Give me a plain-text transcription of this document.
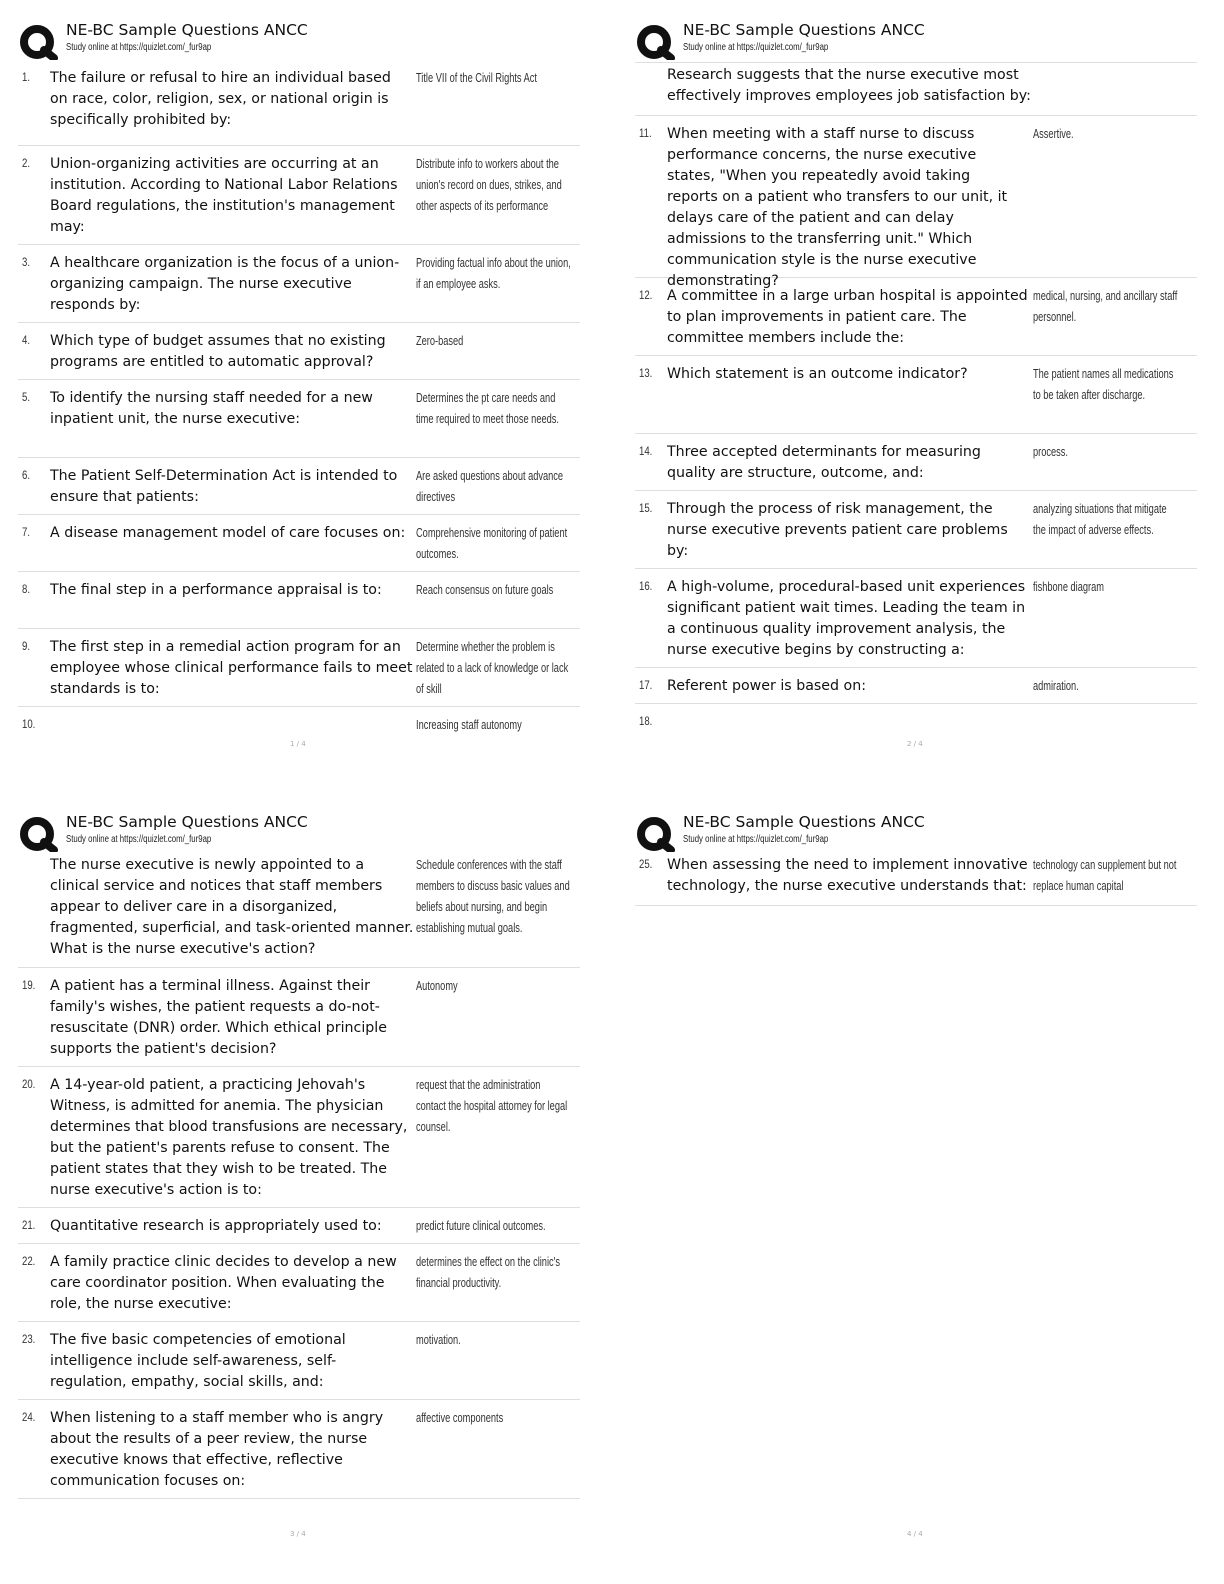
NE-BC Sample Questions ANCC
Study online at https://quizlet.com/_fur9ap
1. The failure or refusal to hire an individual based on race, color, religion, sex, or national origin is specifically prohibited by:
Title VII of the Civil Rights Act
2. Union-organizing activities are occurring at an institution. According to National Labor Relations Board regulations, the institution's management may:
Distribute info to workers about the union's record on dues, strikes, and other aspects of its performance
3. A healthcare organization is the focus of a union-organizing campaign. The nurse executive responds by:
Providing factual info about the union, if an employee asks.
4. Which type of budget assumes that no existing programs are entitled to automatic approval?
Zero-based
5. To identify the nursing staff needed for a new inpatient unit, the nurse executive:
Determines the pt care needs and time required to meet those needs.
6. The Patient Self-Determination Act is intended to ensure that patients:
Are asked questions about advance directives
7. A disease management model of care focuses on: Comprehensive monitoring of patient outcomes.
8. The final step in a performance appraisal is to:	Reach consensus on future goals
9. The first step in a remedial action program for an employee whose clinical performance fails to meet standards is to:
Determine whether the problem is related to a lack of knowledge or lack of skill
10.	Increasing staff autonomy
1 / 4
NE-BC Sample Questions ANCC
Study online at https://quizlet.com/_fur9ap
Research suggests that the nurse executive most effectively improves employees job satisfaction by:
11. When meeting with a staff nurse to discuss performance concerns, the nurse executive states, "When you repeatedly avoid taking reports on a patient who transfers to our unit, it delays care of the patient and can delay admissions to the transferring unit." Which communication style is the nurse executive demonstrating?
Assertive.
12. A committee in a large urban hospital is appointed to plan improvements in patient care. The committee members include the:
medical, nursing, and ancillary staff personnel.
13. Which statement is an outcome indicator?	The patient names all medications to be taken after discharge.
14. Three accepted determinants for measuring quality are structure, outcome, and:
process.
15. Through the process of risk management, the nurse executive prevents patient care problems by:
analyzing situations that mitigate the impact of adverse effects.
16. A high-volume, procedural-based unit experiences significant patient wait times. Leading the team in a continuous quality improvement analysis, the nurse executive begins by constructing a:
fishbone diagram
17. Referent power is based on:	admiration.
18.
2 / 4
NE-BC Sample Questions ANCC
Study online at https://quizlet.com/_fur9ap
The nurse executive is newly appointed to a clinical service and notices that staff members appear to deliver care in a disorganized, fragmented, superficial, and task-oriented manner. What is the nurse executive's action?
Schedule conferences with the staff members to discuss basic values and beliefs about nursing, and begin establishing mutual goals.
19. A patient has a terminal illness. Against their family's wishes, the patient requests a do-not-resuscitate (DNR) order. Which ethical principle supports the patient's decision?
Autonomy
20. A 14-year-old patient, a practicing Jehovah's Witness, is admitted for anemia. The physician determines that blood transfusions are necessary, but the patient's parents refuse to consent. The patient states that they wish to be treated. The nurse executive's action is to:
request that the administration contact the hospital attorney for legal counsel.
21. Quantitative research is appropriately used to:	predict future clinical outcomes.
22. A family practice clinic decides to develop a new care coordinator position. When evaluating the role, the nurse executive:
determines the effect on the clinic's financial productivity.
23. The five basic competencies of emotional intelligence include self-awareness, self-regulation, empathy, social skills, and:
motivation.
24. When listening to a staff member who is angry about the results of a peer review, the nurse executive knows that effective, reflective communication focuses on:
affective components
3 / 4
NE-BC Sample Questions ANCC
Study online at https://quizlet.com/_fur9ap
25. When assessing the need to implement innovative technology, the nurse executive understands that:
technology can supplement but not replace human capital
4 / 4
